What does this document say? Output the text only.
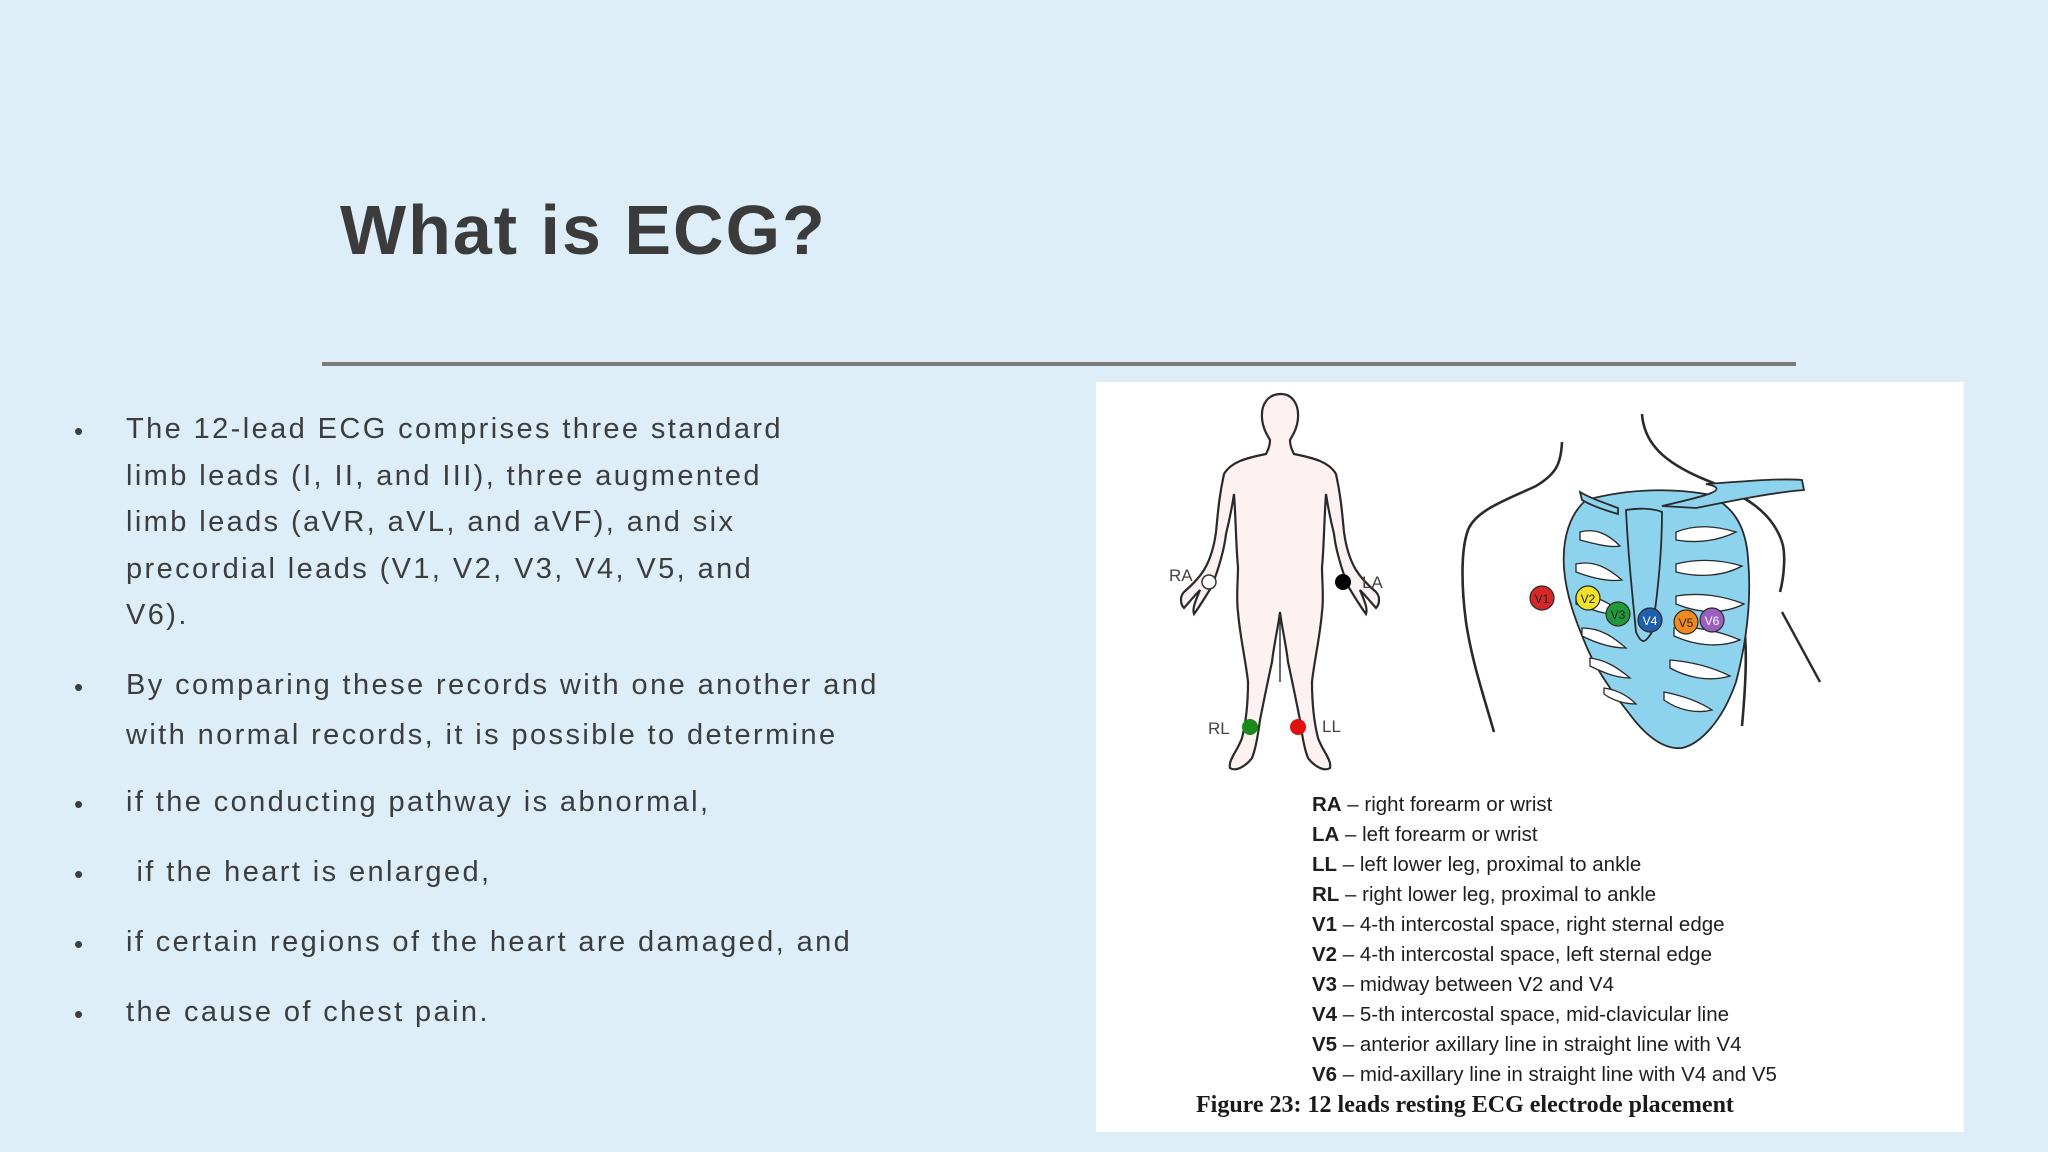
What is ECG?
•	The 12-lead ECG comprises three standard limb leads (I, II, and III), three augmented limb leads (aVR, aVL, and aVF), and six precordial leads (V1, V2, V3, V4, V5, and V6).
•	By comparing these records with one another and with normal records, it is possible to determine
•	if the conducting pathway is abnormal,
•	if the heart is enlarged,
•	if certain regions of the heart are damaged, and
•	the cause of chest pain.
RA	LA
RL	LL
V1	V2
V3 V4 V5 V6
RA – right forearm or wrist
LA – left forearm or wrist
LL – left lower leg, proximal to ankle
RL – right lower leg, proximal to ankle
V1 – 4-th intercostal space, right sternal edge
V2 – 4-th intercostal space, left sternal edge
V3 – midway between V2 and V4
V4 – 5-th intercostal space, mid-clavicular line
V5 – anterior axillary line in straight line with V4
V6 – mid-axillary line in straight line with V4 and V5
Figure 23: 12 leads resting ECG electrode placement
